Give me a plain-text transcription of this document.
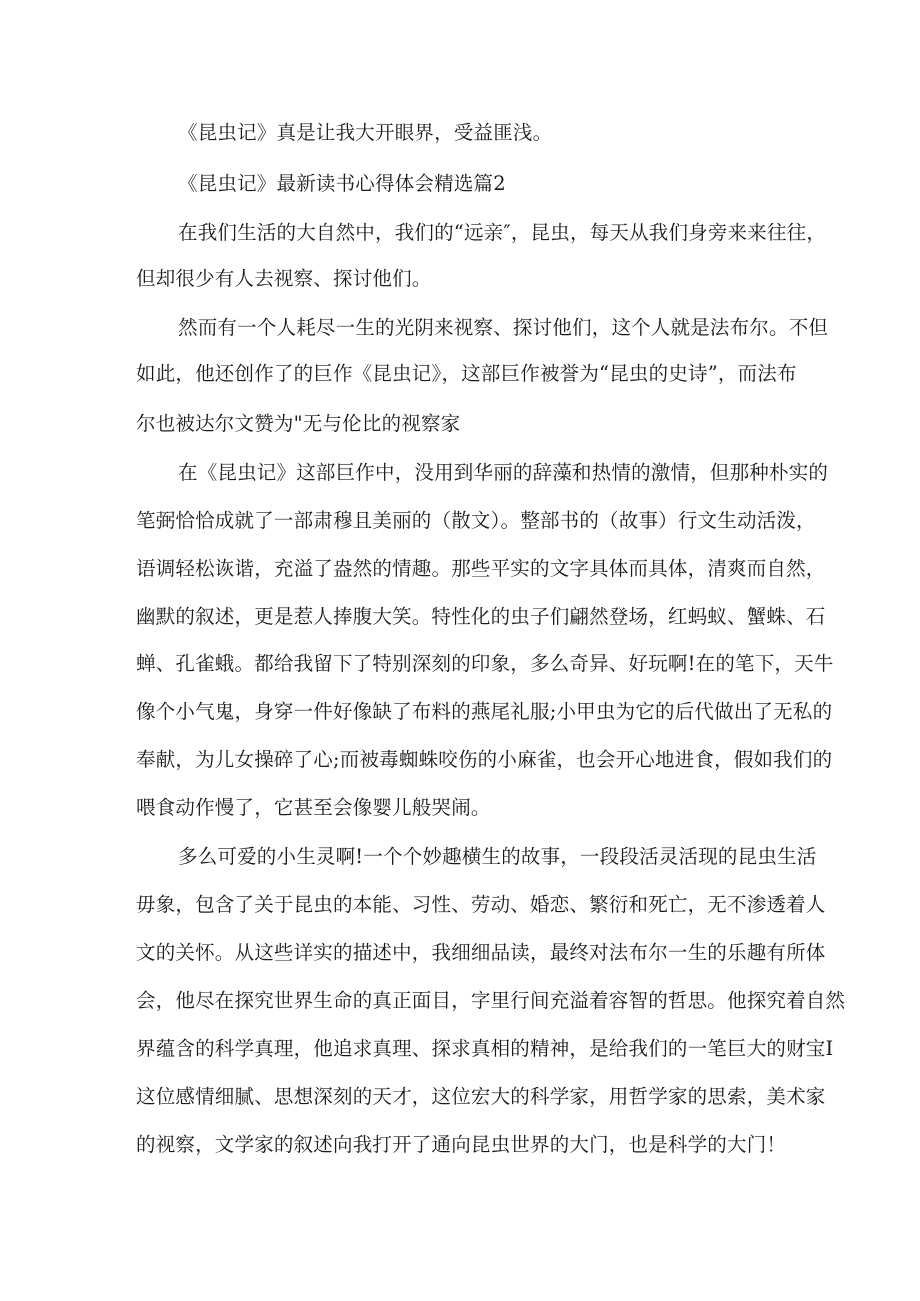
《昆虫记》真是让我大开眼界，受益匪浅。

《昆虫记》最新读书心得体会精选篇2

在我们生活的大自然中，我们的“远亲″，昆虫，每天从我们身旁来来往往，

但却很少有人去视察、探讨他们。

然而有一个人耗尽一生的光阴来视察、探讨他们，这个人就是法布尔。不但

如此，他还创作了的巨作《昆虫记》，这部巨作被誉为“昆虫的史诗”，而法布

尔也被达尔文赞为"无与伦比的视察家

在《昆虫记》这部巨作中，没用到华丽的辞藻和热情的激情，但那种朴实的

笔弼恰恰成就了一部肃穆且美丽的（散文）。整部书的（故事）行文生动活泼，

语调轻松诙谐，充溢了盎然的情趣。那些平实的文字具体而具体，清爽而自然，

幽默的叙述，更是惹人捧腹大笑。特性化的虫子们翩然登场，红蚂蚁、蟹蛛、石

蝉、孔雀蛾。都给我留下了特别深刻的印象，多么奇异、好玩啊!在的笔下，天牛

像个小气鬼，身穿一件好像缺了布料的燕尾礼服;小甲虫为它的后代做出了无私的

奉献，为儿女操碎了心;而被毒蜘蛛咬伤的小麻雀，也会开心地进食，假如我们的

喂食动作慢了，它甚至会像婴儿般哭闹。

多么可爱的小生灵啊!一个个妙趣横生的故事，一段段活灵活现的昆虫生活

毋象，包含了关于昆虫的本能、习性、劳动、婚恋、繁衍和死亡，无不渗透着人

文的关怀。从这些详实的描述中，我细细品读，最终对法布尔一生的乐趣有所体

会，他尽在探究世界生命的真正面目，字里行间充溢着容智的哲思。他探究着自然

界蕴含的科学真理，他追求真理、探求真相的精神，是给我们的一笔巨大的财宝I

这位感情细腻、思想深刻的天才，这位宏大的科学家，用哲学家的思索，美术家

的视察，文学家的叙述向我打开了通向昆虫世界的大门，也是科学的大门！
